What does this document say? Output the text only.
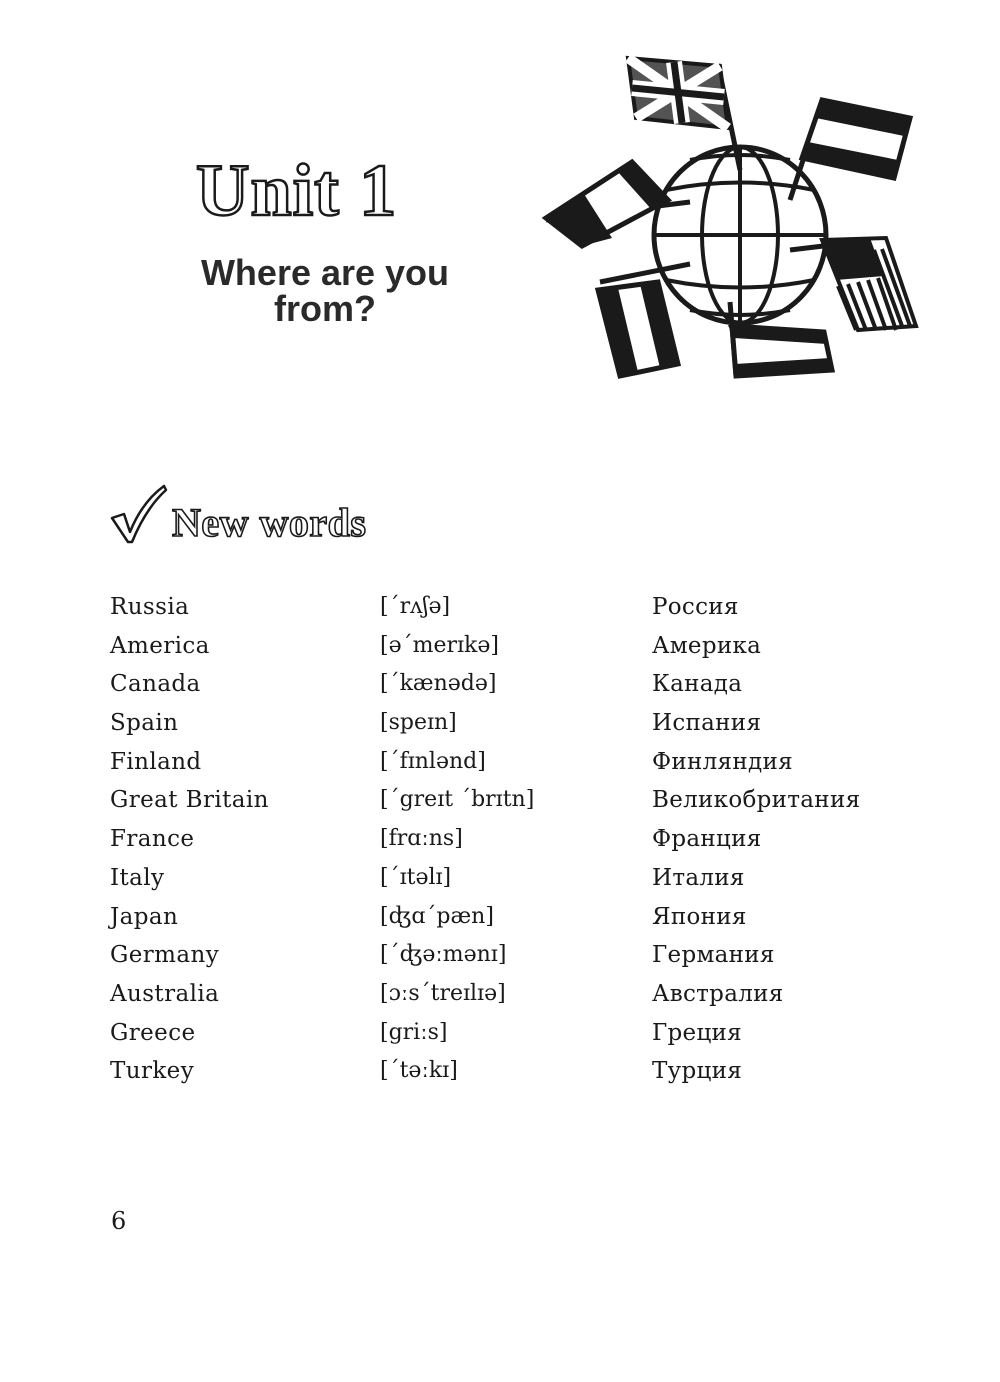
Unit 1
Where are you from?
New words
Russia	[ˊrʌʃə]	Россия
America	[əˊmerɪkə]	Америка
Canada	[ˊkænədə]	Канада
Spain	[speɪn]	Испания
Finland	[ˊfɪnlənd]	Финляндия
Great Britain	[ˊgreɪt ˊbrɪtn]	Великобритания
France	[frɑːns]	Франция
Italy	[ˊɪtəlɪ]	Италия
Japan	[ʤɑˊpæn]	Япония
Germany	[ˊʤəːmənɪ]	Германия
Australia	[ɔːsˊtreɪlɪə]	Австралия
Greece	[griːs]	Греция
Turkey	[ˊtəːkɪ]	Турция
6
